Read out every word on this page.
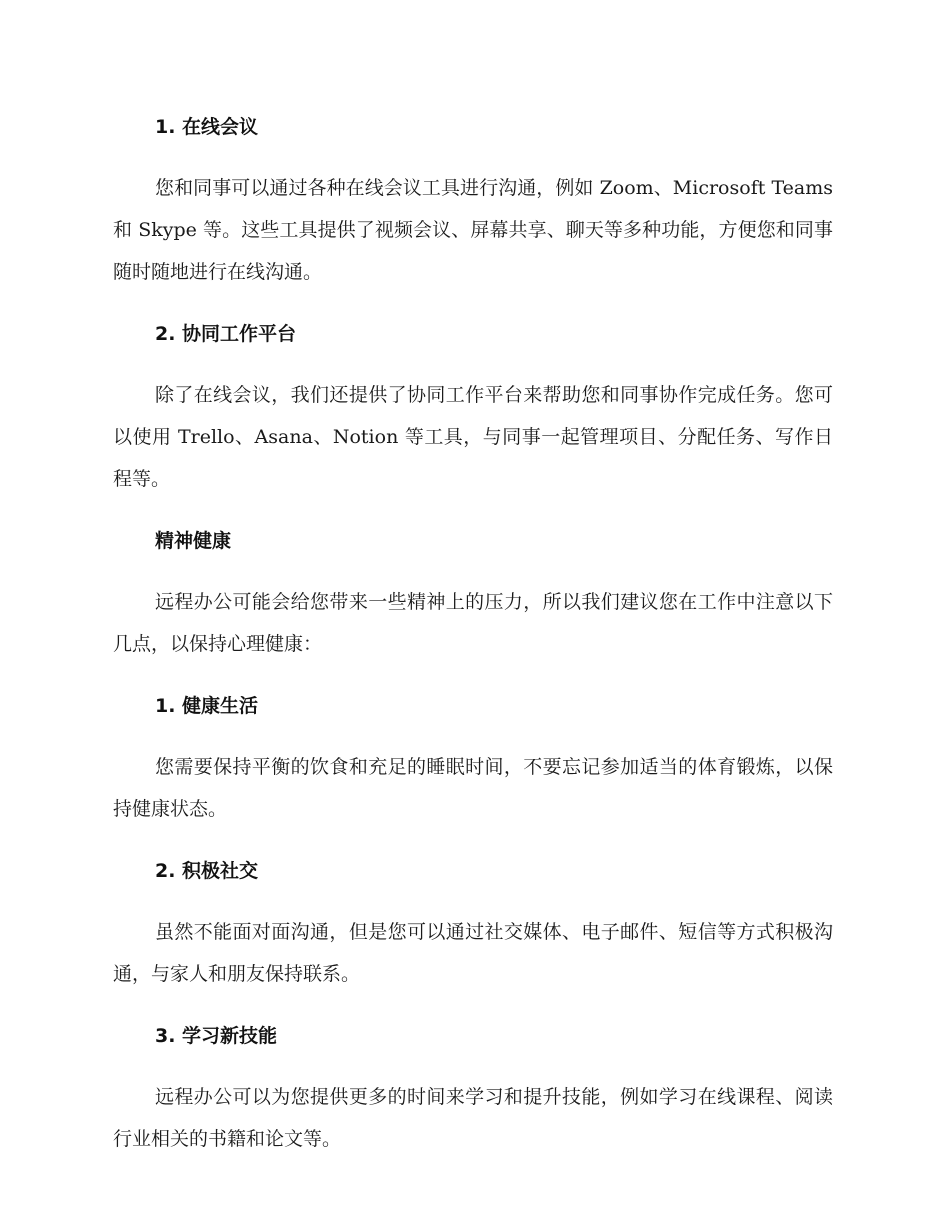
1. 在线会议

您和同事可以通过各种在线会议工具进行沟通，例如 Zoom、Microsoft Teams 和 Skype 等。这些工具提供了视频会议、屏幕共享、聊天等多种功能，方便您和同事随时随地进行在线沟通。

2. 协同工作平台

除了在线会议，我们还提供了协同工作平台来帮助您和同事协作完成任务。您可以使用 Trello、Asana、Notion 等工具，与同事一起管理项目、分配任务、写作日程等。

精神健康

远程办公可能会给您带来一些精神上的压力，所以我们建议您在工作中注意以下几点，以保持心理健康：

1. 健康生活

您需要保持平衡的饮食和充足的睡眠时间，不要忘记参加适当的体育锻炼，以保持健康状态。

2. 积极社交

虽然不能面对面沟通，但是您可以通过社交媒体、电子邮件、短信等方式积极沟通，与家人和朋友保持联系。

3. 学习新技能

远程办公可以为您提供更多的时间来学习和提升技能，例如学习在线课程、阅读行业相关的书籍和论文等。
